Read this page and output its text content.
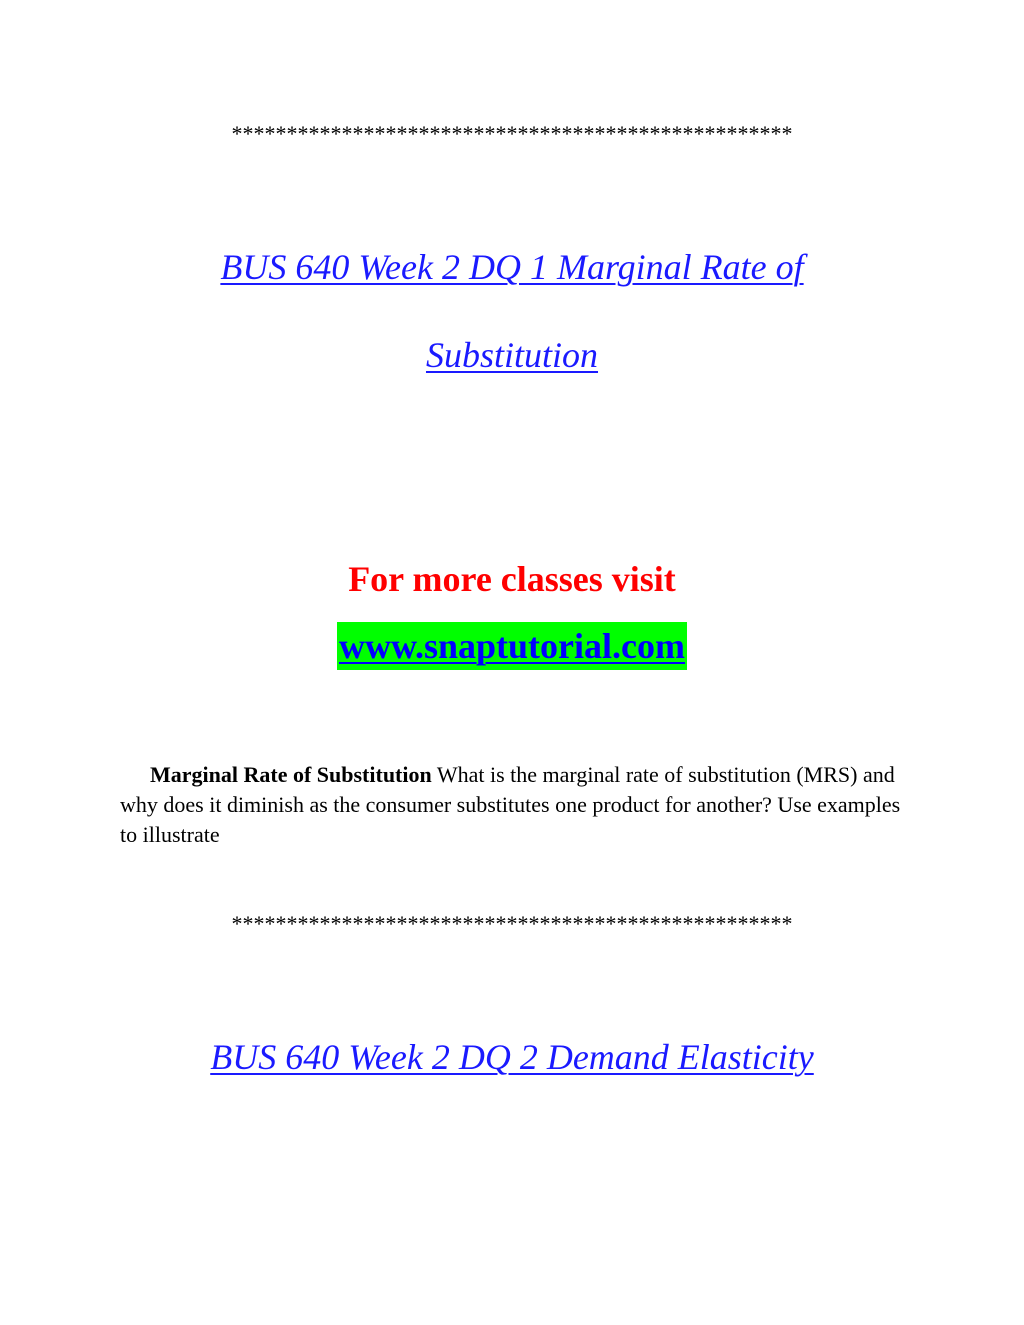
***************************************************
BUS 640 Week 2 DQ 1 Marginal Rate of
Substitution
For more classes visit
www.snaptutorial.com
Marginal Rate of Substitution What is the marginal rate of substitution (MRS) and why does it diminish as the consumer substitutes one product for another? Use examples to illustrate
***************************************************
BUS 640 Week 2 DQ 2 Demand Elasticity
